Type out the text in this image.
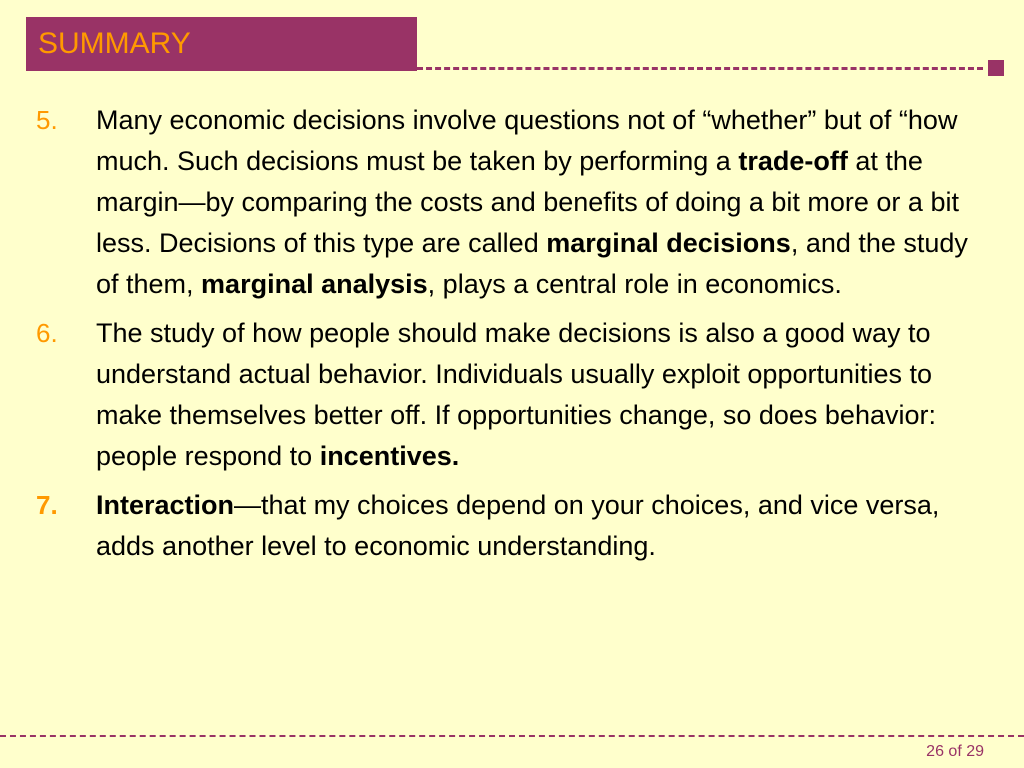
SUMMARY
5.	Many economic decisions involve questions not of “whether” but of “how much. Such decisions must be taken by performing a trade-off at the margin—by comparing the costs and benefits of doing a bit more or a bit less. Decisions of this type are called marginal decisions, and the study of them, marginal analysis, plays a central role in economics.
6.	The study of how people should make decisions is also a good way to understand actual behavior. Individuals usually exploit opportunities to make themselves better off. If opportunities change, so does behavior: people respond to incentives.
7.	Interaction—that my choices depend on your choices, and vice versa, adds another level to economic understanding.
26 of 29
